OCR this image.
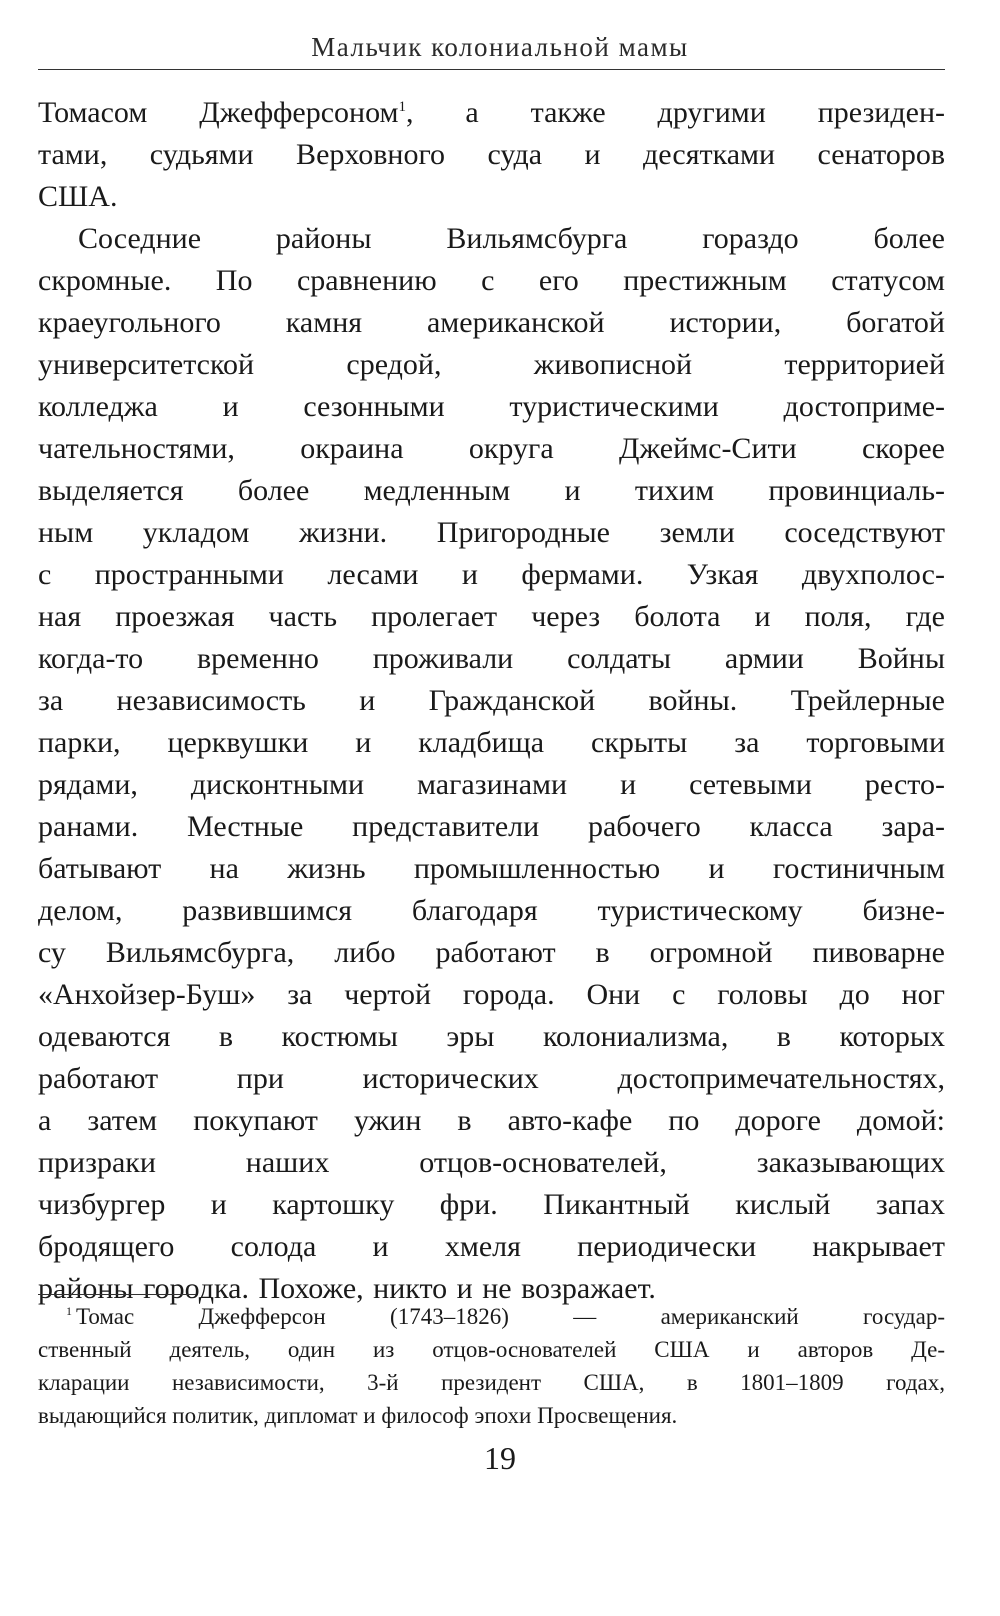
Мальчик колониальной мамы
Томасом Джефферсоном$^1$, а также другими президен-
тами, судьями Верховного суда и десятками сенаторов
США.
Соседние районы Вильямсбурга гораздо более
скромные. По сравнению с его престижным статусом
краеугольного камня американской истории, богатой
университетской средой, живописной территорией
колледжа и сезонными туристическими достоприме-
чательностями, окраина округа Джеймс-Сити скорее
выделяется более медленным и тихим провинциаль-
ным укладом жизни. Пригородные земли соседствуют
с пространными лесами и фермами. Узкая двухполос-
ная проезжая часть пролегает через болота и поля, где
когда-то временно проживали солдаты армии Войны
за независимость и Гражданской войны. Трейлерные
парки, церквушки и кладбища скрыты за торговыми
рядами, дисконтными магазинами и сетевыми ресто-
ранами. Местные представители рабочего класса зара-
батывают на жизнь промышленностью и гостиничным
делом, развившимся благодаря туристическому бизне-
су Вильямсбурга, либо работают в огромной пивоварне
«Анхойзер-Буш» за чертой города. Они с головы до ног
одеваются в костюмы эры колониализма, в которых
работают при исторических достопримечательностях,
а затем покупают ужин в авто-кафе по дороге домой:
призраки наших отцов-основателей, заказывающих
чизбургер и картошку фри. Пикантный кислый запах
бродящего солода и хмеля периодически накрывает
районы городка. Похоже, никто и не возражает.
$^1$ Томас Джефферсон (1743–1826) — американский государ-
ственный деятель, один из отцов-основателей США и авторов Де-
кларации независимости, 3-й президент США, в 1801–1809 годах,
выдающийся политик, дипломат и философ эпохи Просвещения.
19
